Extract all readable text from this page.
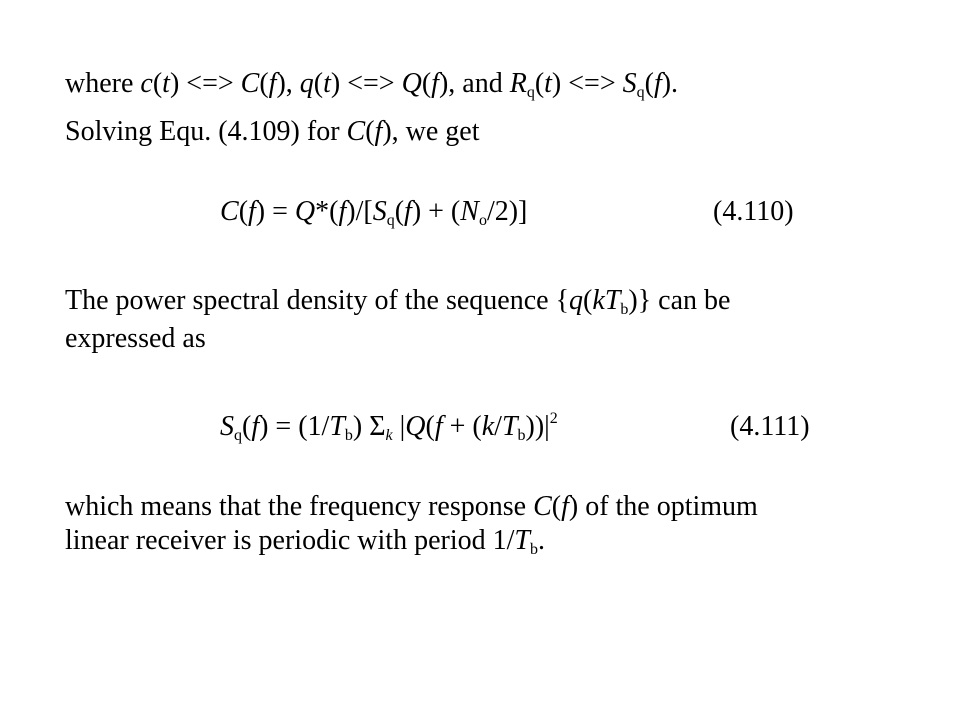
where c(t) <=> C(f), q(t) <=> Q(f), and $R_q(t)$ <=> $S_q(f)$.
Solving Equ. (4.109) for C(f), we get
$C(f) = Q*(f)/[S_q(f) + (N_o/2)]$	(4.110)
The power spectral density of the sequence $\{q(kT_b)\}$ can be
expressed as
$S_q(f) = (1/T_b)$ $\Sigma_k$ $|Q(f + (k/T_b))|^2$	(4.111)
which means that the frequency response C(f) of the optimum
linear receiver is periodic with period $1/T_b$.
